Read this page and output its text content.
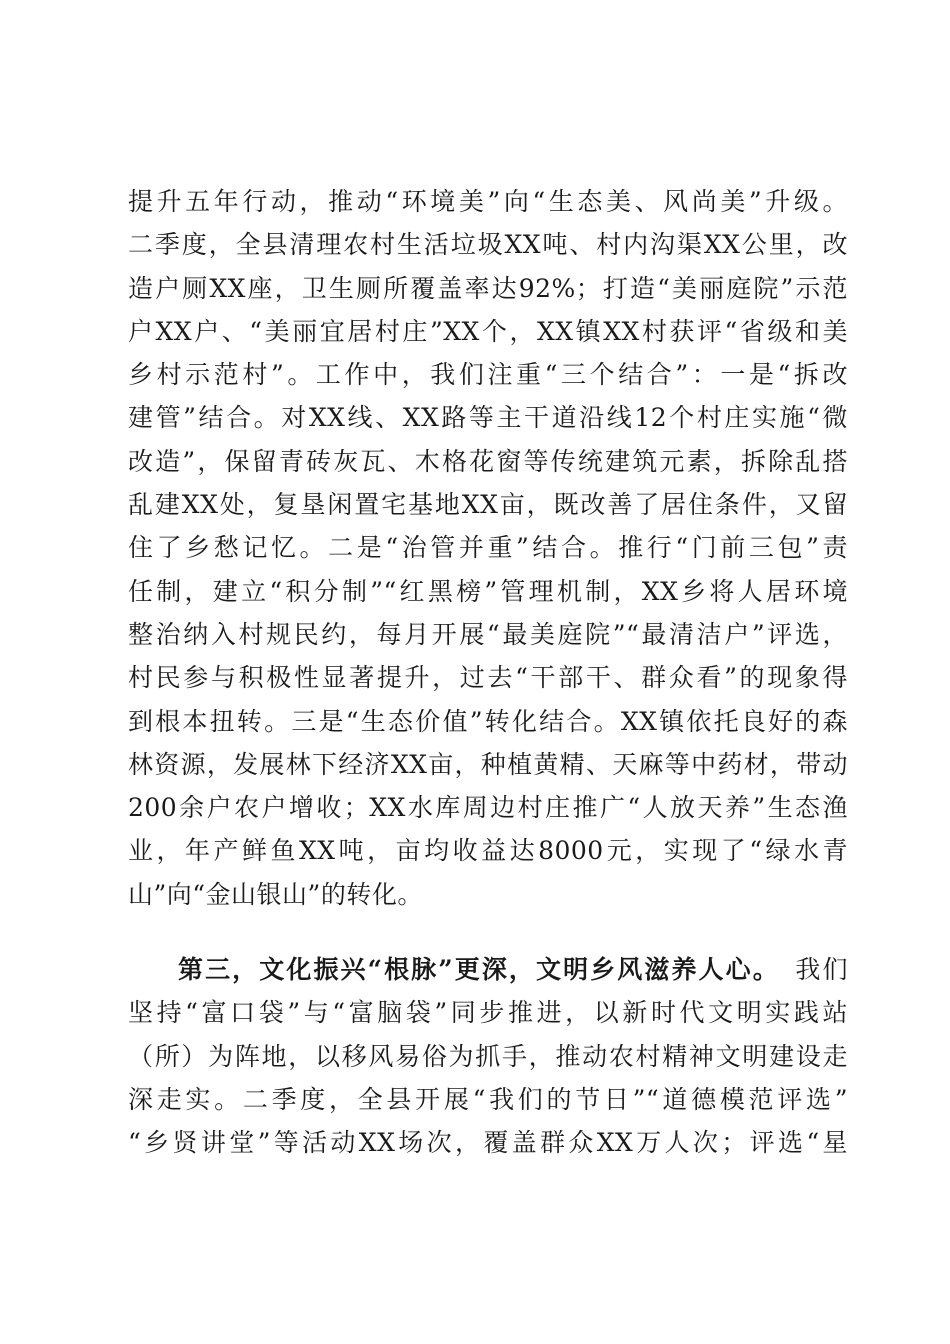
提升五年行动，推动“环境美”向“生态美、风尚美”升级。
二季度，全县清理农村生活垃圾XX吨、村内沟渠XX公里，改
造户厕XX座，卫生厕所覆盖率达92%；打造“美丽庭院”示范
户XX户、“美丽宜居村庄”XX个，XX镇XX村获评“省级和美
乡村示范村”。工作中，我们注重“三个结合”：一是“拆改
建管”结合。对XX线、XX路等主干道沿线12个村庄实施“微
改造”，保留青砖灰瓦、木格花窗等传统建筑元素，拆除乱搭
乱建XX处，复垦闲置宅基地XX亩，既改善了居住条件，又留
住了乡愁记忆。二是“治管并重”结合。推行“门前三包”责
任制，建立“积分制”“红黑榜”管理机制，XX乡将人居环境
整治纳入村规民约，每月开展“最美庭院”“最清洁户”评选，
村民参与积极性显著提升，过去“干部干、群众看”的现象得
到根本扭转。三是“生态价值”转化结合。XX镇依托良好的森
林资源，发展林下经济XX亩，种植黄精、天麻等中药材，带动
200余户农户增收；XX水库周边村庄推广“人放天养”生态渔
业，年产鲜鱼XX吨，亩均收益达8000元，实现了“绿水青
山”向“金山银山”的转化。
第三，文化振兴“根脉”更深，文明乡风滋养人心。 我们
坚持“富口袋”与“富脑袋”同步推进，以新时代文明实践站
（所）为阵地，以移风易俗为抓手，推动农村精神文明建设走
深走实。二季度，全县开展“我们的节日”“道德模范评选”
“乡贤讲堂”等活动XX场次，覆盖群众XX万人次；评选“星
